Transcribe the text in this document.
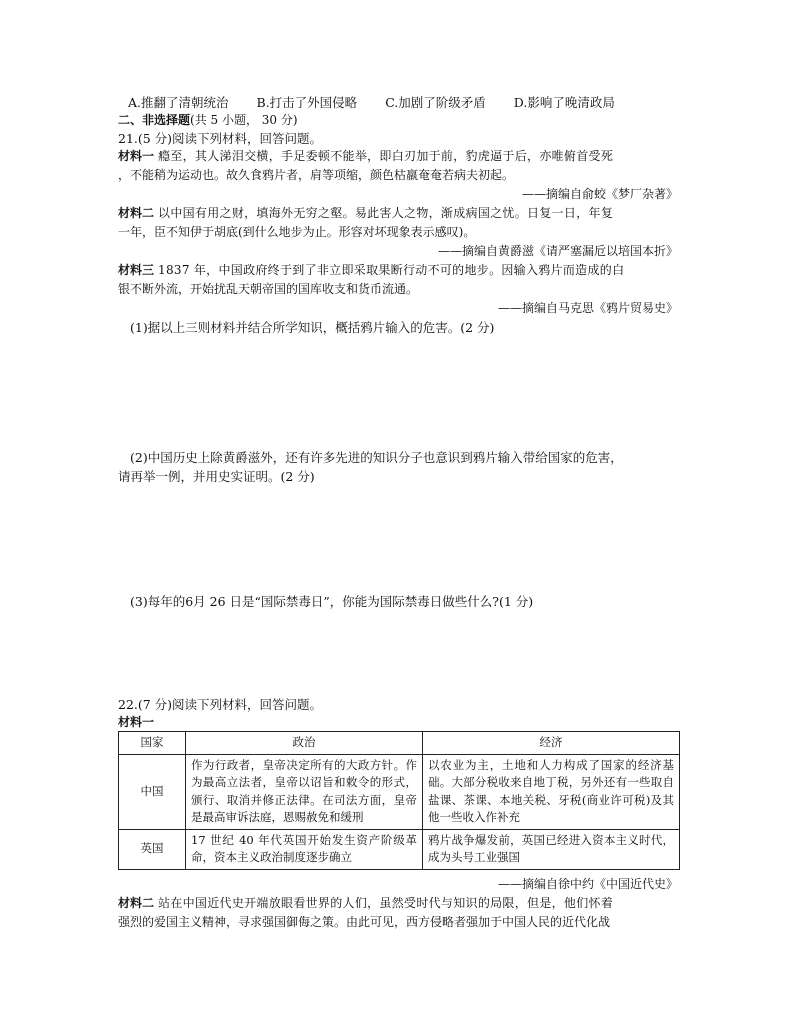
A.推翻了清朝统治 B.打击了外国侵略 C.加剧了阶级矛盾 D.影响了晚清政局
二、非选择题(共 5 小题， 30 分)
21.(5 分)阅读下列材料，回答问题。
材料一 瘾至，其人涕泪交横，手足委顿不能举，即白刃加于前，豹虎逼于后，亦唯俯首受死
，不能稍为运动也。故久食鸦片者，肩等项缩，颜色枯羸奄奄若病夫初起。
——摘编自俞蛟《梦厂杂著》
材料二 以中国有用之财，填海外无穷之壑。易此害人之物，渐成病国之忧。日复一日，年复
一年，臣不知伊于胡底(到什么地步为止。形容对坏现象表示感叹)。
——摘编自黄爵滋《请严塞漏卮以培国本折》
材料三 1837 年，中国政府终于到了非立即采取果断行动不可的地步。因输入鸦片而造成的白
银不断外流，开始扰乱天朝帝国的国库收支和货币流通。
——摘编自马克思《鸦片贸易史》
(1)据以上三则材料并结合所学知识，概括鸦片输入的危害。(2 分)
(2)中国历史上除黄爵滋外，还有许多先进的知识分子也意识到鸦片输入带给国家的危害，
请再举一例，并用史实证明。(2 分)
(3)每年的6月 26 日是“国际禁毒日”，你能为国际禁毒日做些什么?(1 分)
22.(7 分)阅读下列材料，回答问题。
材料一
国家	政治	经济
中国	作为行政者，皇帝决定所有的大政方针。作为最高立法者，皇帝以诏旨和敕令的形式，颁行、取消并修正法律。在司法方面，皇帝是最高审诉法庭，恩赐赦免和缓刑	以农业为主，土地和人力构成了国家的经济基础。大部分税收来自地丁税，另外还有一些取自盐课、茶课、本地关税、牙税(商业许可税)及其他一些收入作补充
英国	17 世纪 40 年代英国开始发生资产阶级革命，资本主义政治制度逐步确立	鸦片战争爆发前，英国已经进入资本主义时代，成为头号工业强国
——摘编自徐中约《中国近代史》
材料二 站在中国近代史开端放眼看世界的人们，虽然受时代与知识的局限，但是，他们怀着
强烈的爱国主义精神，寻求强国御侮之策。由此可见，西方侵略者强加于中国人民的近代化战
